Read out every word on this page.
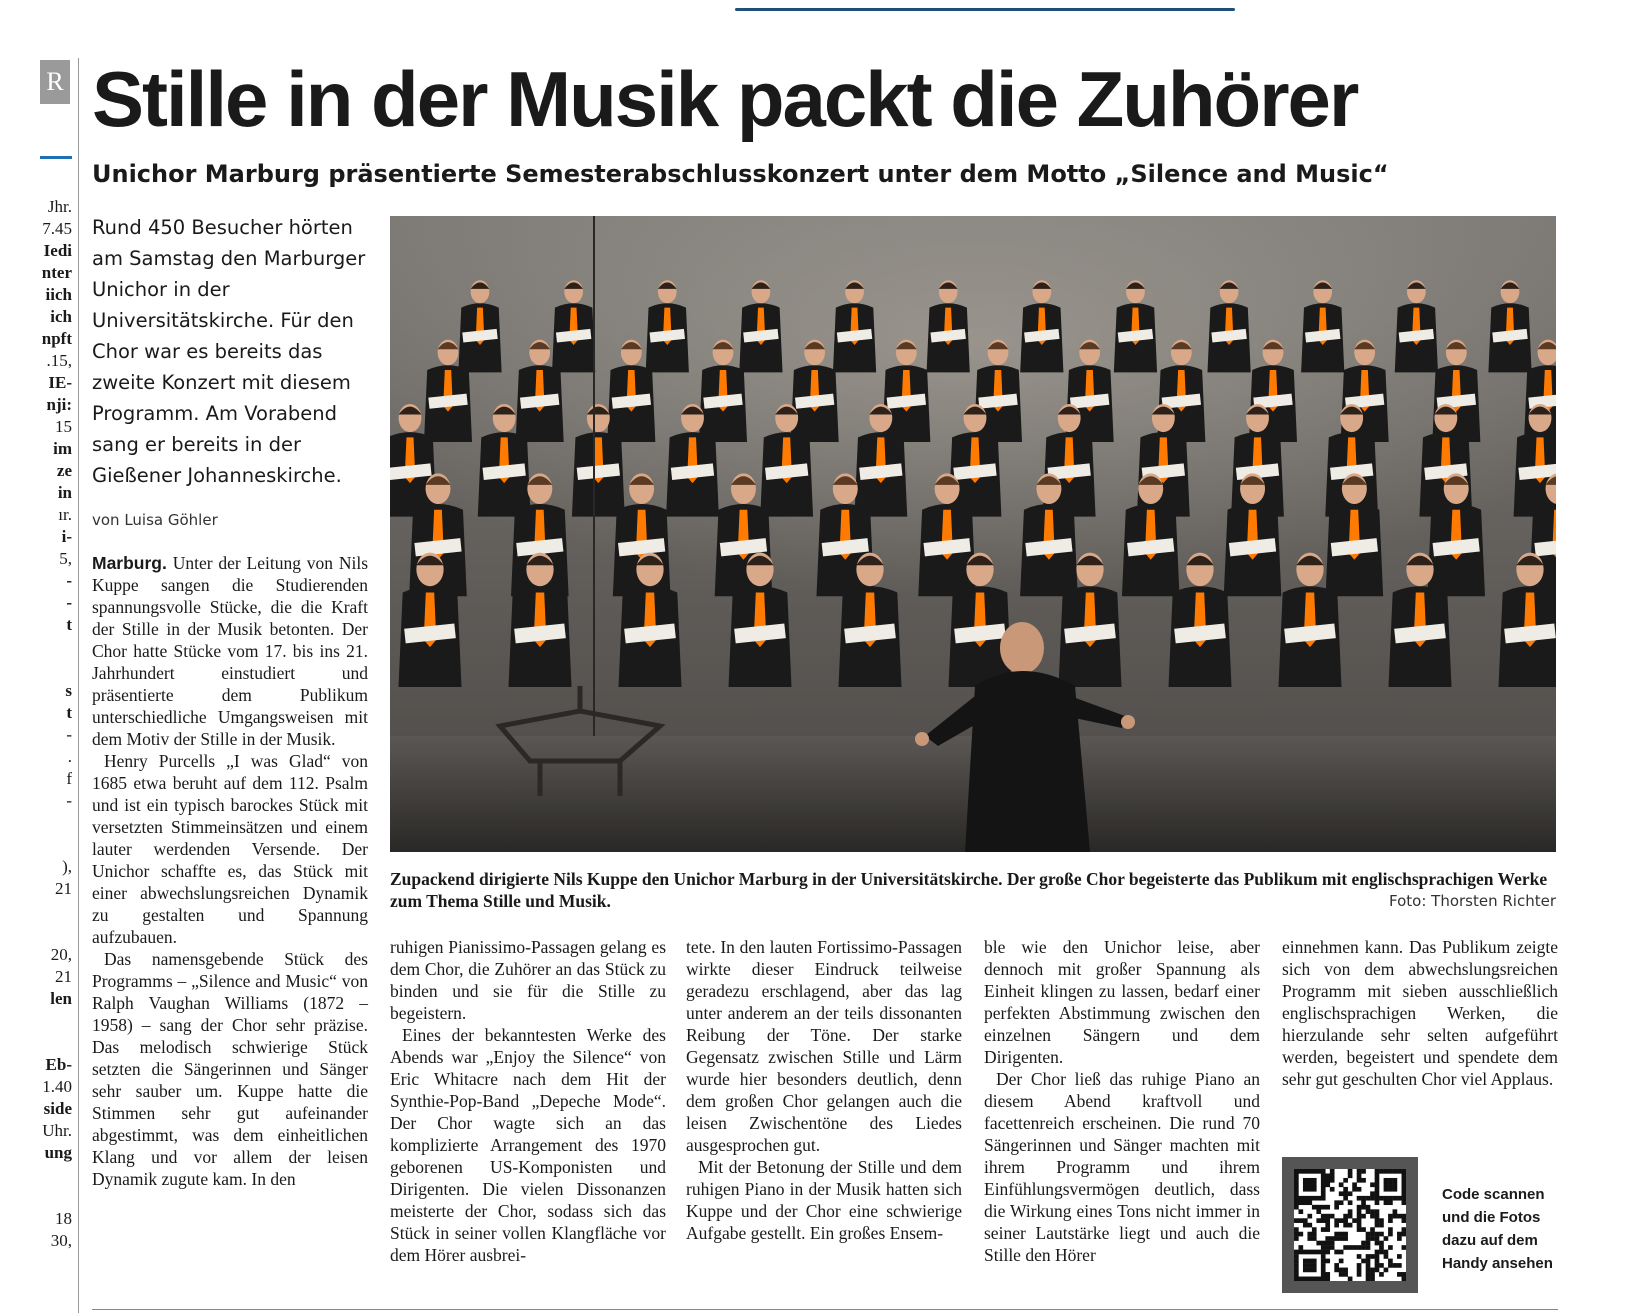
R
Jhr.
7.45
Iedi
nter
iich
ich
npft
.15,
IE-
nji:
15
im
ze
in
ır.
i-
5,
-
-
t
s
t
-
.
f
-
),
21
20,
21
len
Eb-
1.40
side
Uhr.
ung
18
30,
Stille in der Musik packt die Zuhörer
Unichor Marburg präsentierte Semesterabschlusskonzert unter dem Motto „Silence and Music“

Rund 450 Besucher hörten am Samstag den Marburger Unichor in der Universitätskirche. Für den Chor war es bereits das zweite Konzert mit diesem Programm. Am Vorabend sang er bereits in der Gießener Johanneskirche.

von Luisa Göhler

Marburg. Unter der Leitung von Nils Kuppe sangen die Studierenden spannungsvolle Stücke, die die Kraft der Stille in der Musik betonten. Der Chor hatte Stücke vom 17. bis ins 21. Jahrhundert einstudiert und präsentierte dem Publikum unterschiedliche Umgangsweisen mit dem Motiv der Stille in der Musik.

Henry Purcells „I was Glad“ von 1685 etwa beruht auf dem 112. Psalm und ist ein typisch barockes Stück mit versetzten Stimmeinsätzen und einem lauter werdenden Versende. Der Unichor schaffte es, das Stück mit einer abwechslungsreichen Dynamik zu gestalten und Spannung aufzubauen.

Das namensgebende Stück des Programms – „Silence and Music“ von Ralph Vaughan Williams (1872 – 1958) – sang der Chor sehr präzise. Das melodisch schwierige Stück setzten die Sängerinnen und Sänger sehr sauber um. Kuppe hatte die Stimmen sehr gut aufeinander abgestimmt, was dem einheitlichen Klang und vor allem der leisen Dynamik zugute kam. In den

Zupackend dirigierte Nils Kuppe den Unichor Marburg in der Universitätskirche. Der große Chor begeisterte das Publikum mit englischsprachigen Werke zum Thema Stille und Musik.	Foto: Thorsten Richter

ruhigen Pianissimo-Passagen gelang es dem Chor, die Zuhörer an das Stück zu binden und sie für die Stille zu begeistern.

Eines der bekanntesten Werke des Abends war „Enjoy the Silence“ von Eric Whitacre nach dem Hit der Synthie-Pop-Band „Depeche Mode“. Der Chor wagte sich an das komplizierte Arrangement des 1970 geborenen US-Komponisten und Dirigenten. Die vielen Dissonanzen meisterte der Chor, sodass sich das Stück in seiner vollen Klangfläche vor dem Hörer ausbrei-

tete. In den lauten Fortissimo-Passagen wirkte dieser Eindruck teilweise geradezu erschlagend, aber das lag unter anderem an der teils dissonanten Reibung der Töne. Der starke Gegensatz zwischen Stille und Lärm wurde hier besonders deutlich, denn dem großen Chor gelangen auch die leisen Zwischentöne des Liedes ausgesprochen gut.

Mit der Betonung der Stille und dem ruhigen Piano in der Musik hatten sich Kuppe und der Chor eine schwierige Aufgabe gestellt. Ein großes Ensem-

ble wie den Unichor leise, aber dennoch mit großer Spannung als Einheit klingen zu lassen, bedarf einer perfekten Abstimmung zwischen den einzelnen Sängern und dem Dirigenten.

Der Chor ließ das ruhige Piano an diesem Abend kraftvoll und facettenreich erscheinen. Die rund 70 Sängerinnen und Sänger machten mit ihrem Programm und ihrem Einfühlungsvermögen deutlich, dass die Wirkung eines Tons nicht immer in seiner Lautstärke liegt und auch die Stille den Hörer

einnehmen kann. Das Publikum zeigte sich von dem abwechslungsreichen Programm mit sieben ausschließlich englischsprachigen Werken, die hierzulande sehr selten aufgeführt werden, begeistert und spendete dem sehr gut geschulten Chor viel Applaus.

Code scannen und die Fotos dazu auf dem Handy ansehen
